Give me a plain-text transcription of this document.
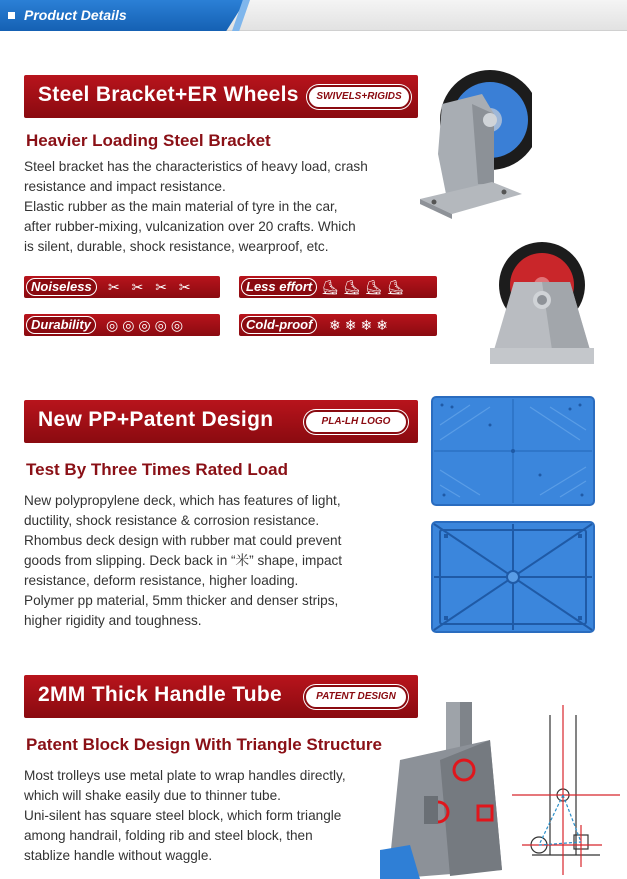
Product Details
Steel Bracket+ER Wheels	SWIVELS+RIGIDS
Heavier Loading Steel Bracket

Steel bracket has the characteristics of heavy load, crash

resistance and impact resistance.

Elastic rubber as the main material of tyre in the car,

after rubber-mixing, vulcanization over 20 crafts. Which

is silent, durable, shock resistance, wearproof, etc.

Noiseless	✂ ✂ ✂ ✂	Less effort ⛸⛸⛸⛸
Durability	◎◎◎◎◎	Cold-proof	❄❄❄❄
New PP+Patent Design	PLA-LH LOGO
Test By Three Times Rated Load

New polypropylene deck, which has features of light,

ductility, shock resistance & corrosion resistance.

Rhombus deck design with rubber mat could prevent

goods from slipping. Deck back in “米” shape, impact

resistance, deform resistance, higher loading.

Polymer pp material, 5mm thicker and denser strips,

higher rigidity and toughness.

2MM Thick Handle Tube	PATENT DESIGN
Patent Block Design With Triangle Structure

Most trolleys use metal plate to wrap handles directly,

which will shake easily due to thinner tube.

Uni-silent has square steel block, which form triangle

among handrail, folding rib and steel block, then

stablize handle without waggle.
